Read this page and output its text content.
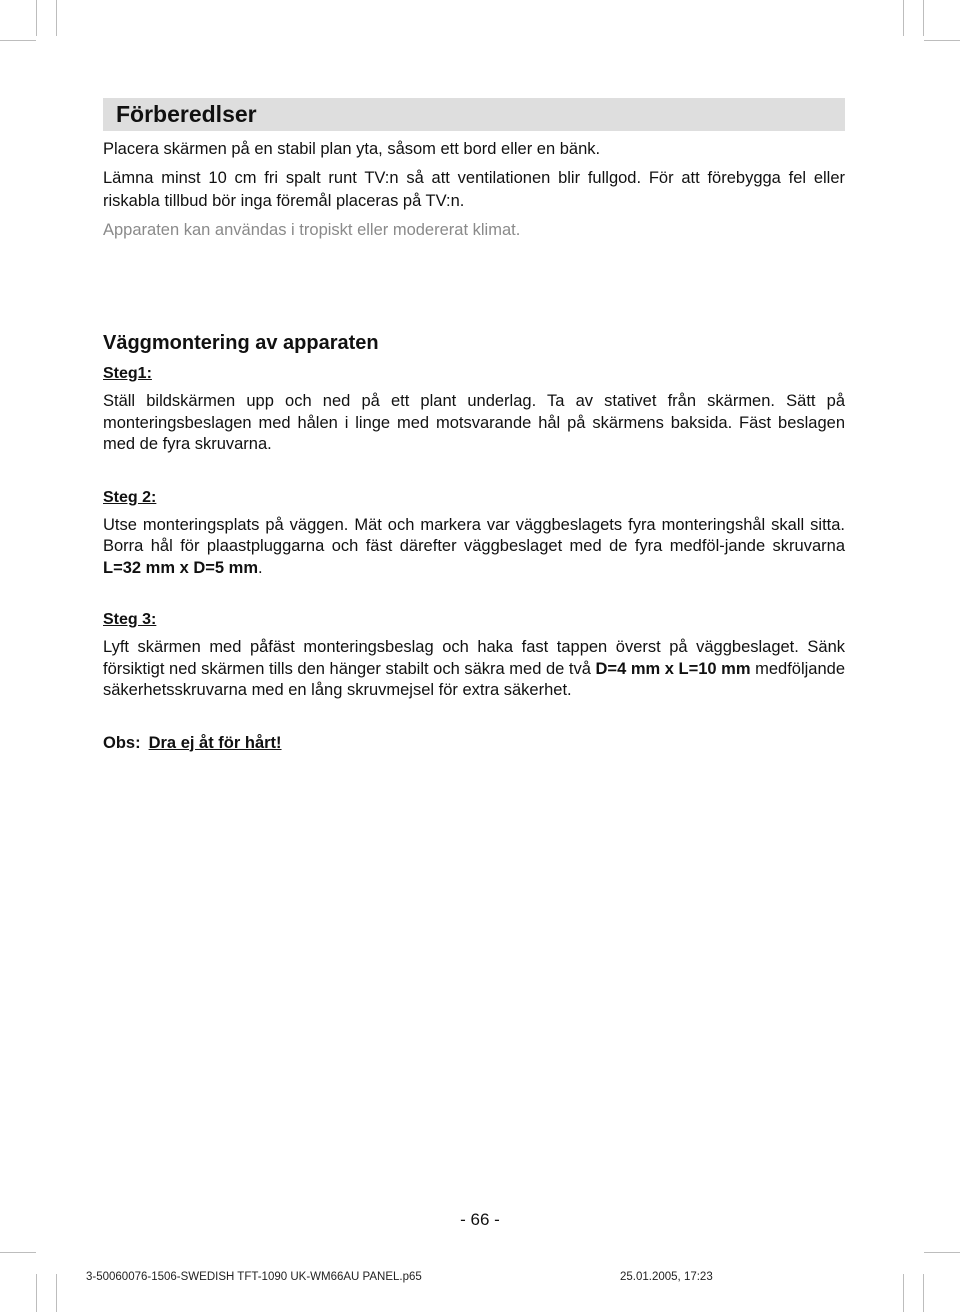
Förberedlser

Placera skärmen på en stabil plan yta, såsom ett bord eller en bänk.

Lämna minst 10 cm fri spalt runt TV:n så att ventilationen blir fullgod. För att förebygga fel eller riskabla tillbud bör inga föremål placeras på TV:n.

Apparaten kan användas i tropiskt eller modererat klimat.

Väggmontering av apparaten
Steg1:

Ställ bildskärmen upp och ned på ett plant underlag. Ta av stativet från skärmen. Sätt på monteringsbeslagen med hålen i linge med motsvarande hål på skärmens baksida. Fäst beslagen med de fyra skruvarna.

Steg 2:

Utse monteringsplats på väggen. Mät och markera var väggbeslagets fyra monteringshål skall sitta. Borra hål för plaastpluggarna och fäst därefter väggbeslaget med de fyra medföl-jande skruvarna L=32 mm x D=5 mm.

Steg 3:

Lyft skärmen med påfäst monteringsbeslag och haka fast tappen överst på väggbeslaget. Sänk försiktigt ned skärmen tills den hänger stabilt och säkra med de två D=4 mm x L=10 mm medföljande säkerhetsskruvarna med en lång skruvmejsel för extra säkerhet.

Obs: Dra ej åt för hårt!
- 66 -
3-50060076-1506-SWEDISH TFT-1090 UK-WM66AU PANEL.p65	25.01.2005, 17:23
